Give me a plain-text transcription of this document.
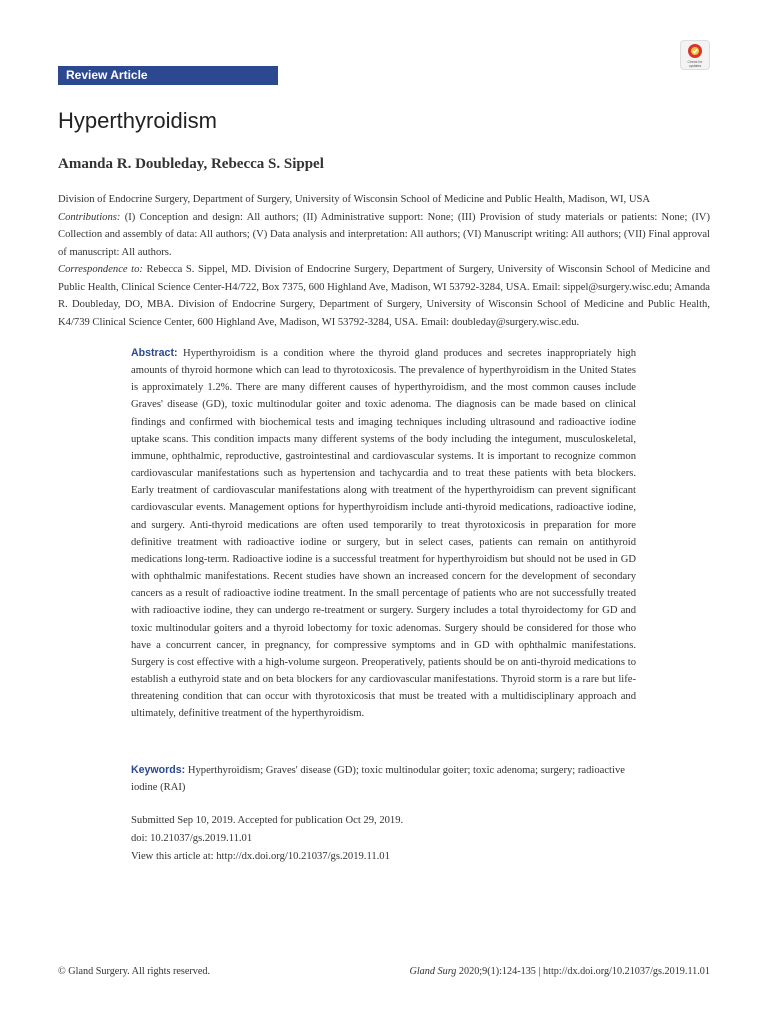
Review Article
Check for updates
Hyperthyroidism
Amanda R. Doubleday, Rebecca S. Sippel

Division of Endocrine Surgery, Department of Surgery, University of Wisconsin School of Medicine and Public Health, Madison, WI, USA

Contributions: (I) Conception and design: All authors; (II) Administrative support: None; (III) Provision of study materials or patients: None; (IV) Collection and assembly of data: All authors; (V) Data analysis and interpretation: All authors; (VI) Manuscript writing: All authors; (VII) Final approval of manuscript: All authors.

Correspondence to: Rebecca S. Sippel, MD. Division of Endocrine Surgery, Department of Surgery, University of Wisconsin School of Medicine and Public Health, Clinical Science Center-H4/722, Box 7375, 600 Highland Ave, Madison, WI 53792-3284, USA. Email: sippel@surgery.wisc.edu; Amanda R. Doubleday, DO, MBA. Division of Endocrine Surgery, Department of Surgery, University of Wisconsin School of Medicine and Public Health, K4/739 Clinical Science Center, 600 Highland Ave, Madison, WI 53792-3284, USA. Email: doubleday@surgery.wisc.edu.

Abstract: Hyperthyroidism is a condition where the thyroid gland produces and secretes inappropriately high amounts of thyroid hormone which can lead to thyrotoxicosis. The prevalence of hyperthyroidism in the United States is approximately 1.2%. There are many different causes of hyperthyroidism, and the most common causes include Graves' disease (GD), toxic multinodular goiter and toxic adenoma. The diagnosis can be made based on clinical findings and confirmed with biochemical tests and imaging techniques including ultrasound and radioactive iodine uptake scans. This condition impacts many different systems of the body including the integument, musculoskeletal, immune, ophthalmic, reproductive, gastrointestinal and cardiovascular systems. It is important to recognize common cardiovascular manifestations such as hypertension and tachycardia and to treat these patients with beta blockers. Early treatment of cardiovascular manifestations along with treatment of the hyperthyroidism can prevent significant cardiovascular events. Management options for hyperthyroidism include anti-thyroid medications, radioactive iodine, and surgery. Anti-thyroid medications are often used temporarily to treat thyrotoxicosis in preparation for more definitive treatment with radioactive iodine or surgery, but in select cases, patients can remain on antithyroid medications long-term. Radioactive iodine is a successful treatment for hyperthyroidism but should not be used in GD with ophthalmic manifestations. Recent studies have shown an increased concern for the development of secondary cancers as a result of radioactive iodine treatment. In the small percentage of patients who are not successfully treated with radioactive iodine, they can undergo re-treatment or surgery. Surgery includes a total thyroidectomy for GD and toxic multinodular goiters and a thyroid lobectomy for toxic adenomas. Surgery should be considered for those who have a concurrent cancer, in pregnancy, for compressive symptoms and in GD with ophthalmic manifestations. Surgery is cost effective with a high-volume surgeon. Preoperatively, patients should be on anti-thyroid medications to establish a euthyroid state and on beta blockers for any cardiovascular manifestations. Thyroid storm is a rare but life-threatening condition that can occur with thyrotoxicosis that must be treated with a multidisciplinary approach and ultimately, definitive treatment of the hyperthyroidism.
Keywords: Hyperthyroidism; Graves' disease (GD); toxic multinodular goiter; toxic adenoma; surgery; radioactive iodine (RAI)
Submitted Sep 10, 2019. Accepted for publication Oct 29, 2019.
doi: 10.21037/gs.2019.11.01
View this article at: http://dx.doi.org/10.21037/gs.2019.11.01
© Gland Surgery. All rights reserved.	Gland Surg 2020;9(1):124-135 | http://dx.doi.org/10.21037/gs.2019.11.01
